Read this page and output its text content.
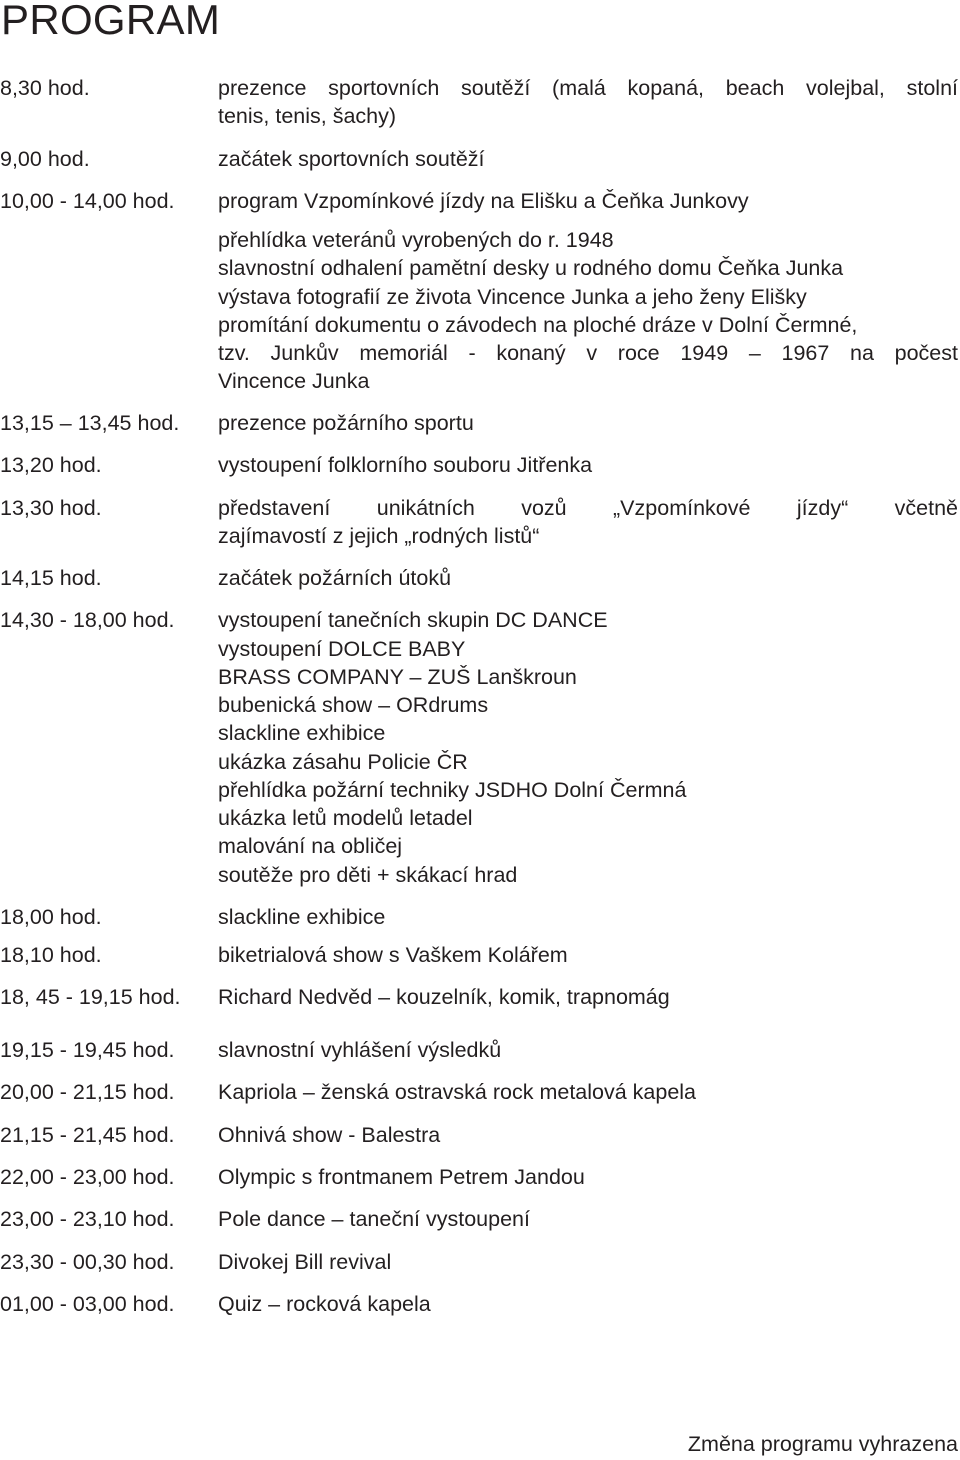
PROGRAM
8,30 hod.	prezence sportovních soutěží (malá kopaná, beach volejbal, stolní
tenis, tenis, šachy)
9,00 hod.	začátek sportovních soutěží
10,00 - 14,00 hod. program Vzpomínkové jízdy na Elišku a Čeňka Junkovy
přehlídka veteránů vyrobených do r. 1948
slavnostní odhalení pamětní desky u rodného domu Čeňka Junka
výstava fotografií ze života Vincence Junka a jeho ženy Elišky
promítání dokumentu o závodech na ploché dráze v Dolní Čermné,
tzv. Junkův memoriál - konaný v roce 1949 – 1967 na počest
Vincence Junka
13,15 – 13,45 hod. prezence požárního sportu
13,20 hod.	vystoupení folklorního souboru Jitřenka
13,30 hod.	představení unikátních vozů „Vzpomínkové jízdy“ včetně
zajímavostí z jejich „rodných listů“
14,15 hod.	začátek požárních útoků
14,30 - 18,00 hod. vystoupení tanečních skupin DC DANCE
vystoupení DOLCE BABY
BRASS COMPANY – ZUŠ Lanškroun
bubenická show – ORdrums
slackline exhibice
ukázka zásahu Policie ČR
přehlídka požární techniky JSDHO Dolní Čermná
ukázka letů modelů letadel
malování na obličej
soutěže pro děti + skákací hrad
18,00 hod.	slackline exhibice
18,10 hod.	biketrialová show s Vaškem Kolářem
18, 45 - 19,15 hod. Richard Nedvěd – kouzelník, komik, trapnomág
19,15 - 19,45 hod. slavnostní vyhlášení výsledků
20,00 - 21,15 hod. Kapriola – ženská ostravská rock metalová kapela
21,15 - 21,45 hod. Ohnivá show - Balestra
22,00 - 23,00 hod. Olympic s frontmanem Petrem Jandou
23,00 - 23,10 hod. Pole dance – taneční vystoupení
23,30 - 00,30 hod. Divokej Bill revival
01,00 - 03,00 hod. Quiz – rocková kapela
Změna programu vyhrazena
